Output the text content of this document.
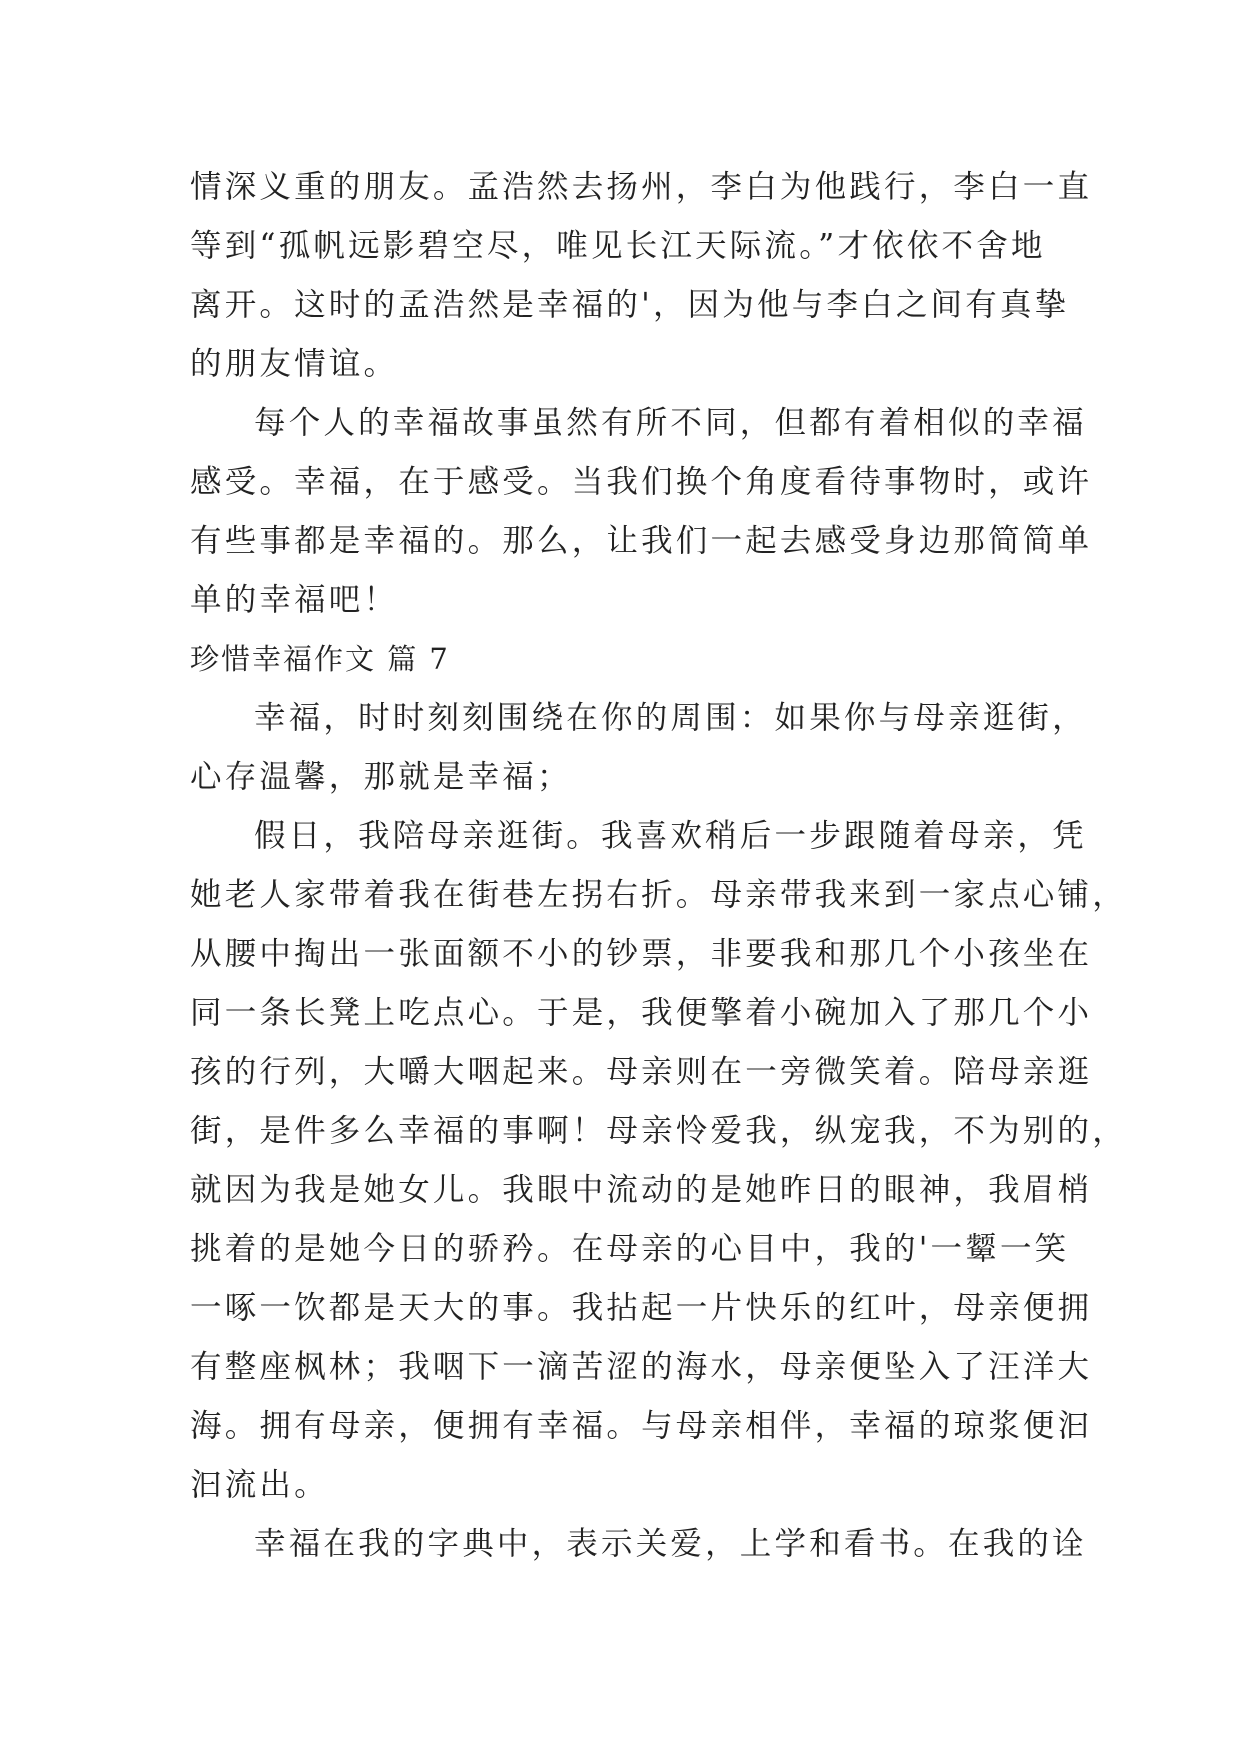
情深义重的朋友。孟浩然去扬州，李白为他践行，李白一直
等到“孤帆远影碧空尽，唯见长江天际流。”才依依不舍地
离开。这时的孟浩然是幸福的'，因为他与李白之间有真挚
的朋友情谊。
每个人的幸福故事虽然有所不同，但都有着相似的幸福
感受。幸福，在于感受。当我们换个角度看待事物时，或许
有些事都是幸福的。那么，让我们一起去感受身边那简简单
单的幸福吧！
珍惜幸福作文 篇 7
幸福，时时刻刻围绕在你的周围：如果你与母亲逛街，
心存温馨，那就是幸福；
假日，我陪母亲逛街。我喜欢稍后一步跟随着母亲，凭
她老人家带着我在街巷左拐右折。母亲带我来到一家点心铺，
从腰中掏出一张面额不小的钞票，非要我和那几个小孩坐在
同一条长凳上吃点心。于是，我便擎着小碗加入了那几个小
孩的行列，大嚼大咽起来。母亲则在一旁微笑着。陪母亲逛
街，是件多么幸福的事啊！母亲怜爱我，纵宠我，不为别的，
就因为我是她女儿。我眼中流动的是她昨日的眼神，我眉梢
挑着的是她今日的骄矜。在母亲的心目中，我的'一颦一笑
一啄一饮都是天大的事。我拈起一片快乐的红叶，母亲便拥
有整座枫林；我咽下一滴苦涩的海水，母亲便坠入了汪洋大
海。拥有母亲，便拥有幸福。与母亲相伴，幸福的琼浆便汩
汩流出。
幸福在我的字典中，表示关爱，上学和看书。在我的诠
